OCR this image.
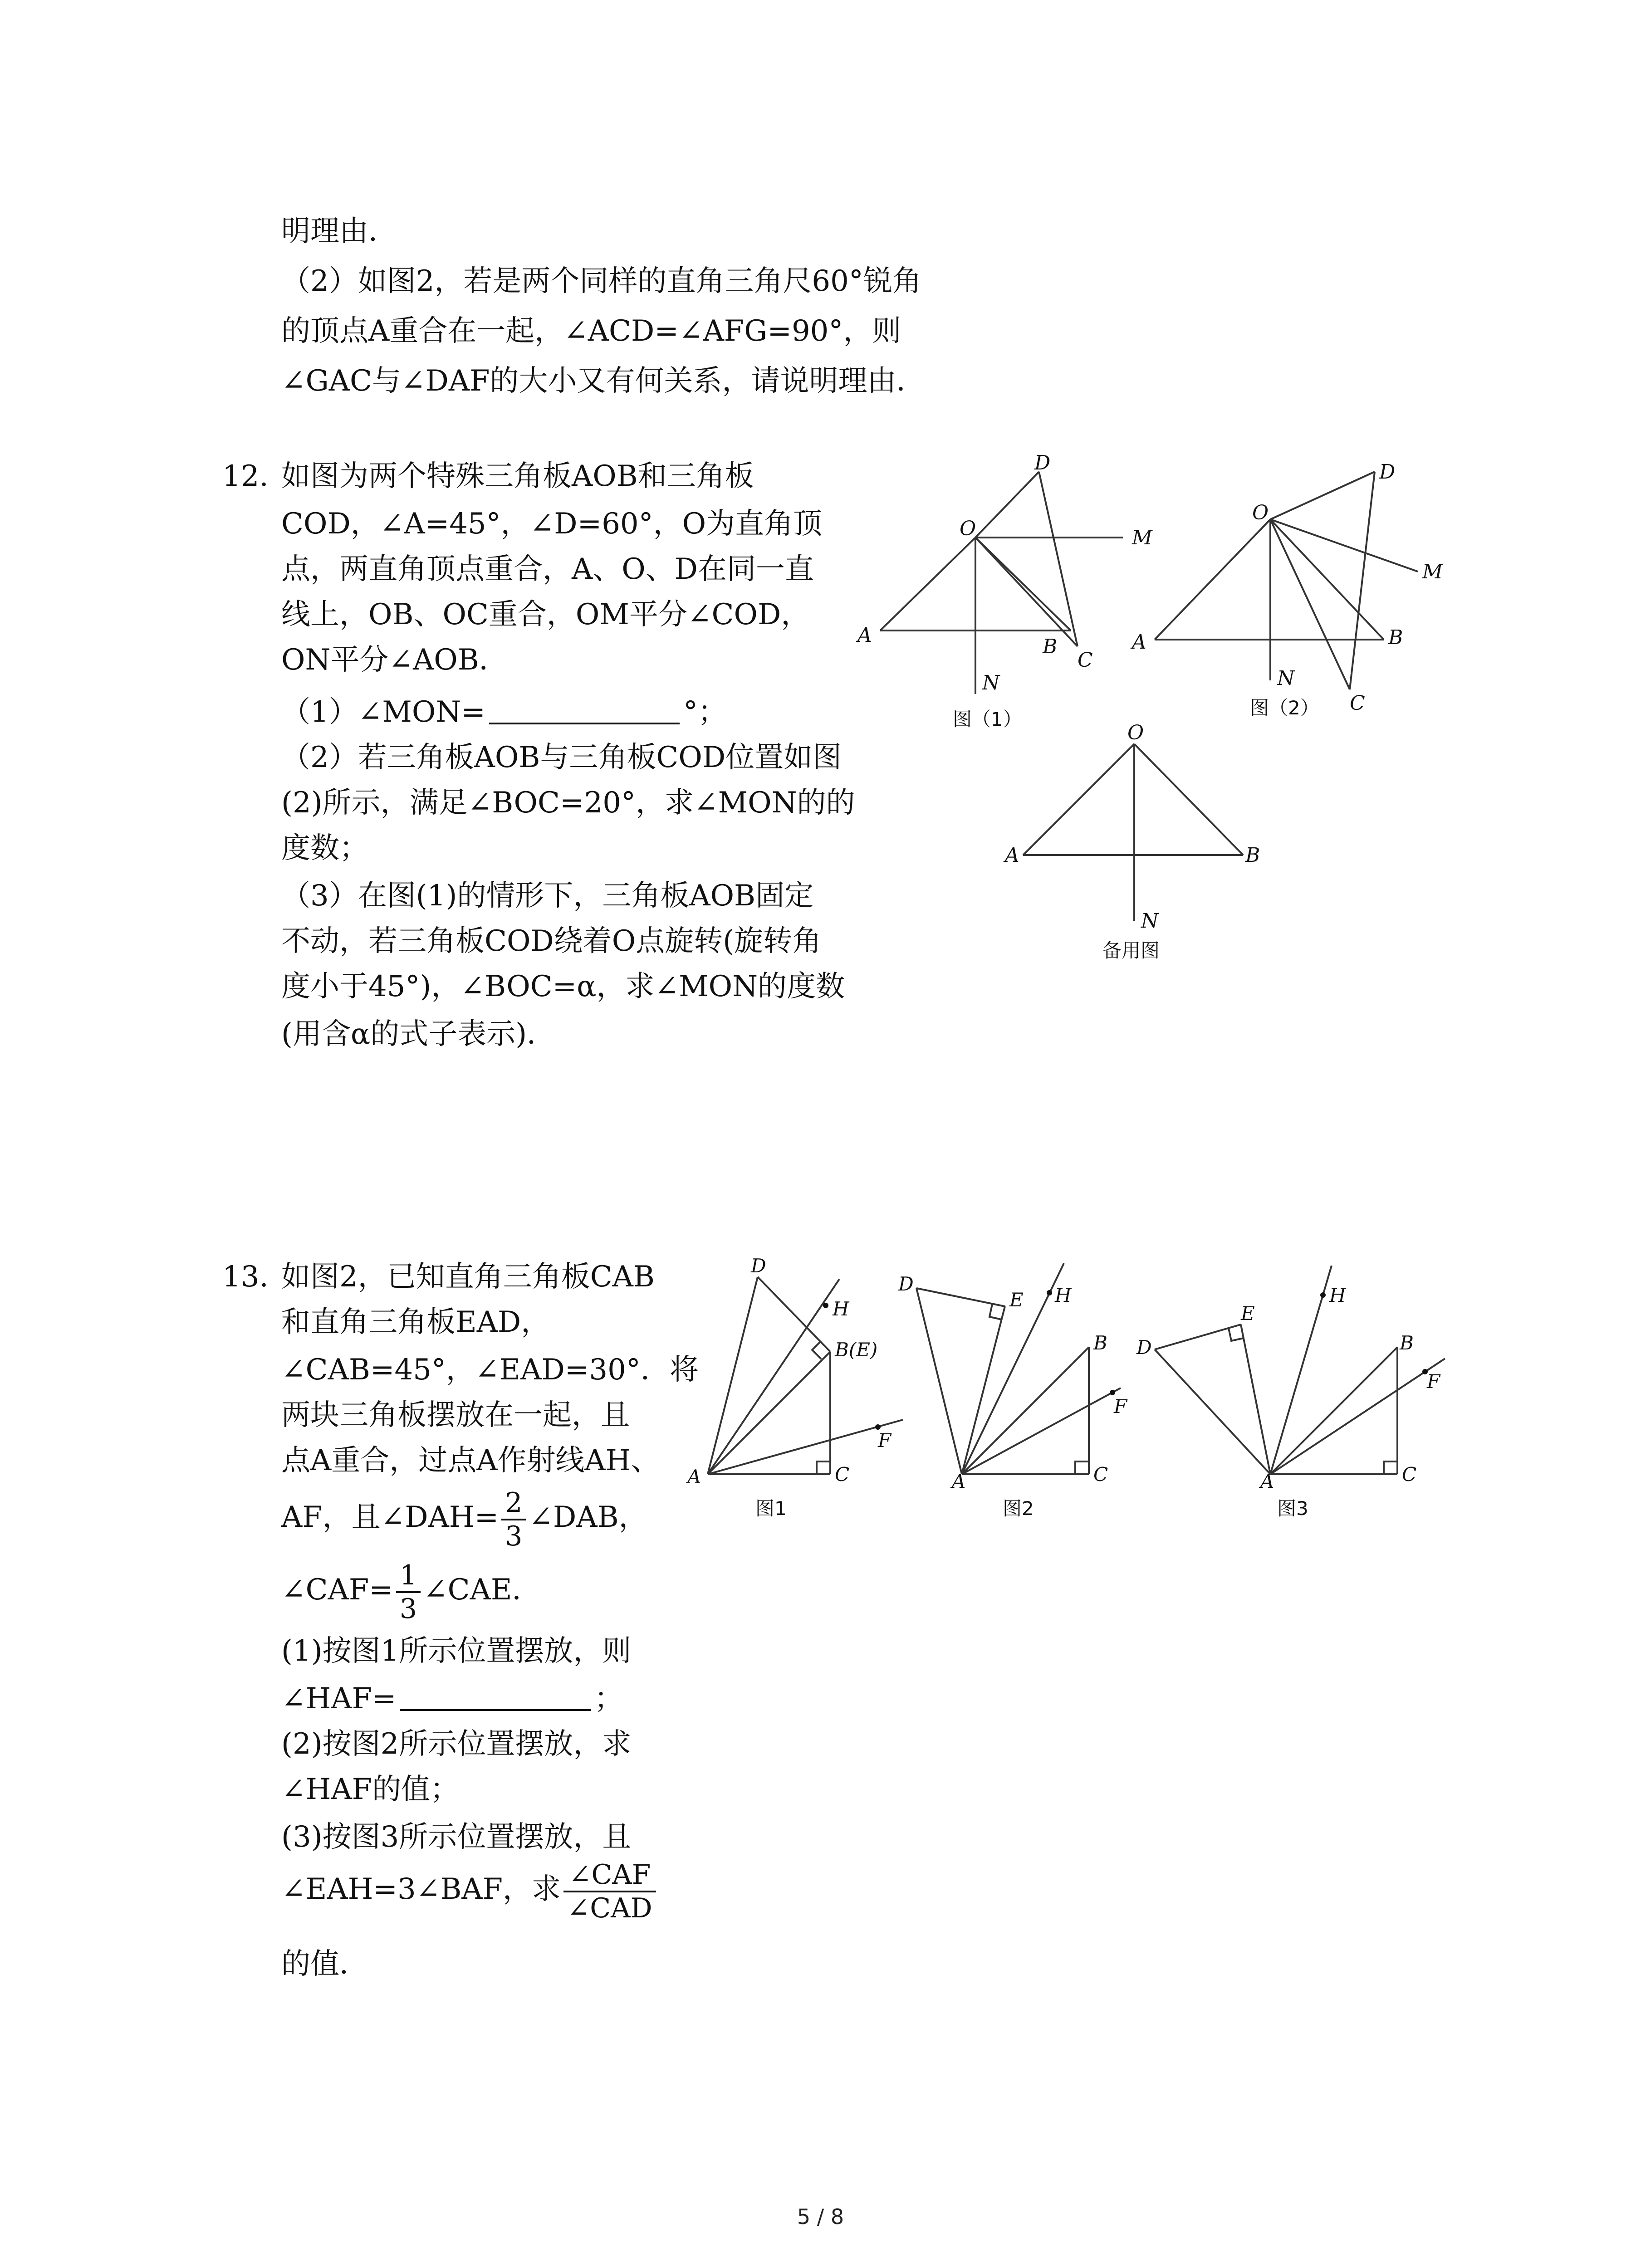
明理由．
（2）如图2，若是两个同样的直角三角尺60°锐角
的顶点A重合在一起，∠ACD=∠AFG=90°，则
∠GAC与∠DAF的大小又有何关系，请说明理由．
12. 如图为两个特殊三角板AOB和三角板
COD，∠A=45°，∠D=60°，O为直角顶
点，两直角顶点重合，A、O、D在同一直
线上，OB、OC重合，OM平分∠COD，
ON平分∠AOB．
（1）∠MON=	°；
（2）若三角板AOB与三角板COD位置如图
(2)所示，满足∠BOC=20°，求∠MON的的
度数；
（3）在图(1)的情形下，三角板AOB固定
不动，若三角板COD绕着O点旋转(旋转角
度小于45°)，∠BOC=α，求∠MON的度数
(用含α的式子表示)．
O
A	B
C
D
M
N
图（1）
O
A	B
C
D
M
N
图（2）
O
A	B
N
备用图
13. 如图2，已知直角三角板CAB
和直角三角板EAD，
∠CAB=45°，∠EAD=30°．将
两块三角板摆放在一起，且
点A重合，过点A作射线AH、
AF，且∠DAH= $\frac{2}{3}$ ∠DAB，
∠CAF= $\frac{1}{3}$ ∠CAE．
(1)按图1所示位置摆放，则
∠HAF=	；
(2)按图2所示位置摆放，求
∠HAF的值；
(3)按图3所示位置摆放，且
∠EAH=3∠BAF，求 $\frac{\text{∠CAF}}{\text{∠CAD}}$
的值．
A	C
B(E)
D
H
F
图1
A	C
B
D
E H
F
图2
A	C
B
D
E
H
F
图3
5 / 8
